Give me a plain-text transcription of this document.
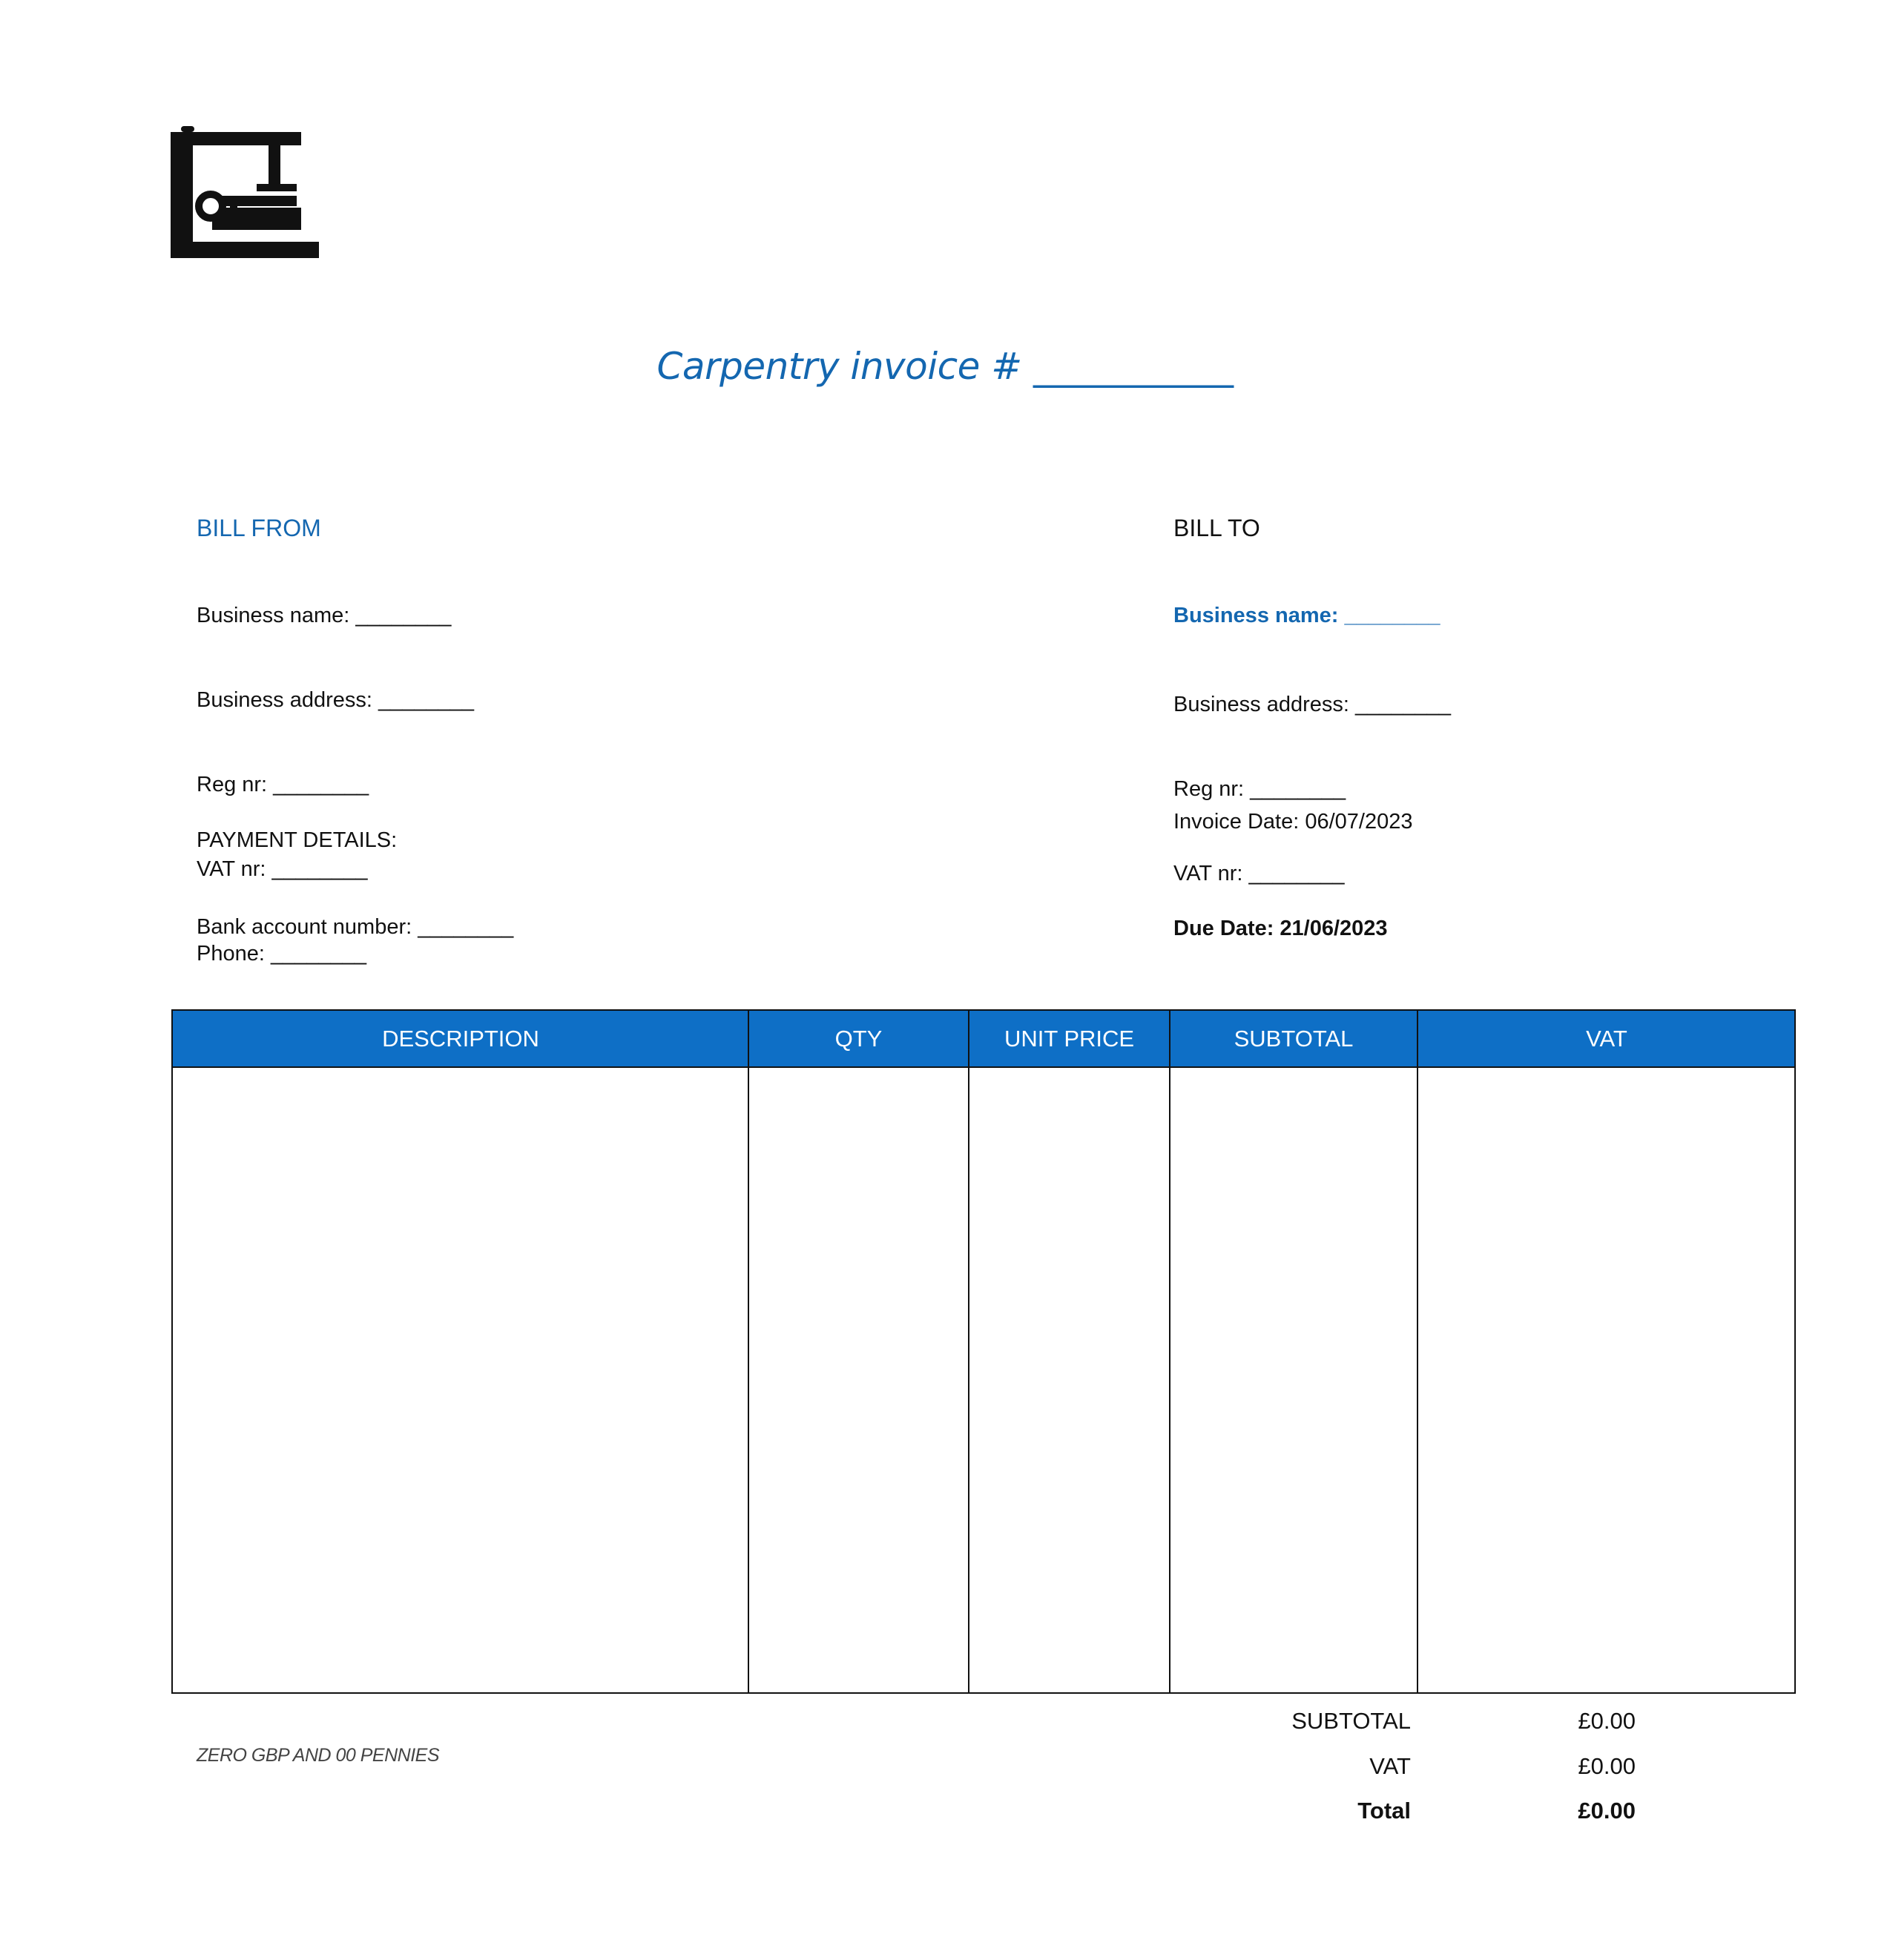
Carpentry invoice # ___________

BILL FROM

Business name: ________

Business address: ________

Reg nr: ________

VAT nr: ________

Phone: ________

BILL TO

Business name: ________

Business address: ________

Reg nr: ________

VAT nr: ________

PAYMENT DETAILS:

Bank account number: ________

Invoice Date: 06/07/2023

Due Date: 21/06/2023

DESCRIPTION	QTY	UNIT PRICE	SUBTOTAL	VAT
ZERO GBP AND 00 PENNIES
SUBTOTAL	£0.00
VAT	£0.00
Total	£0.00
